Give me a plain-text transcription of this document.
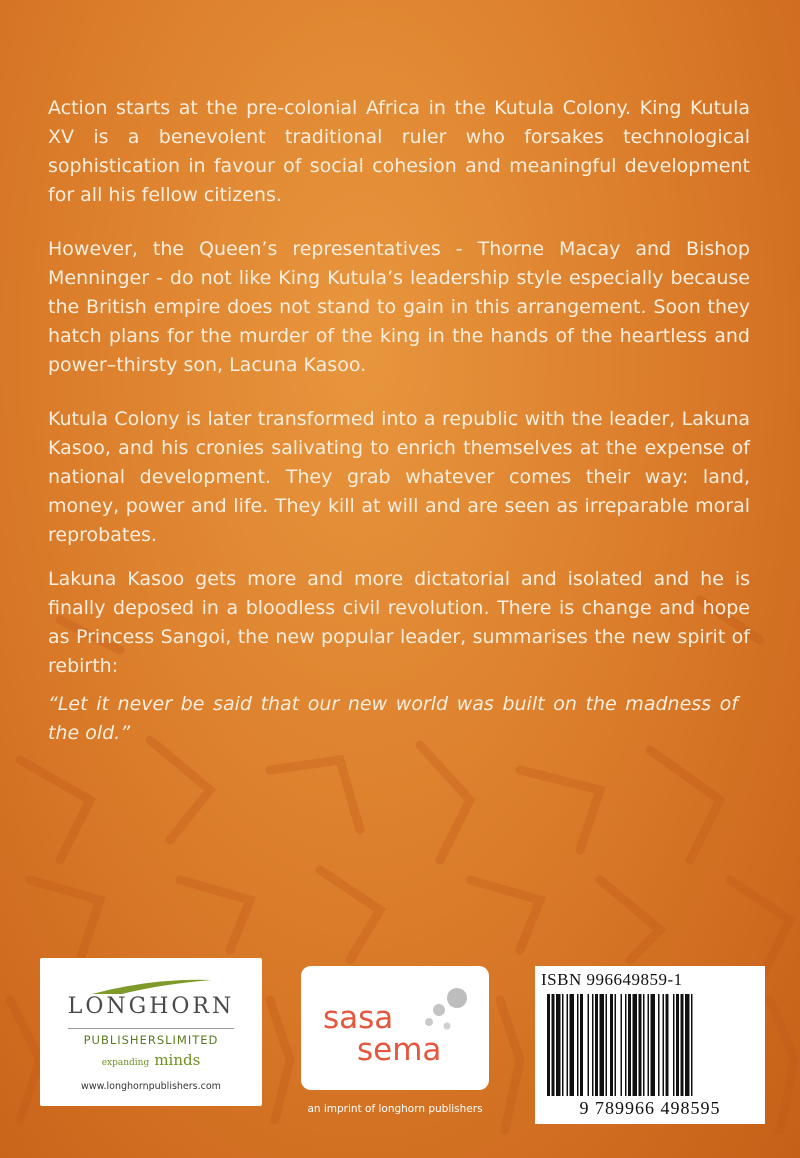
Action starts at the pre-colonial Africa in the Kutula Colony. King Kutula XV is a benevolent traditional ruler who forsakes technological sophistication in favour of social cohesion and meaningful development for all his fellow citizens.

However, the Queen’s representatives - Thorne Macay and Bishop Menninger - do not like King Kutula’s leadership style especially because the British empire does not stand to gain in this arrangement. Soon they hatch plans for the murder of the king in the hands of the heartless and power–thirsty son, Lacuna Kasoo.

Kutula Colony is later transformed into a republic with the leader, Lakuna Kasoo, and his cronies salivating to enrich themselves at the expense of national development. They grab whatever comes their way: land, money, power and life. They kill at will and are seen as irreparable moral reprobates.

Lakuna Kasoo gets more and more dictatorial and isolated and he is finally deposed in a bloodless civil revolution. There is change and hope as Princess Sangoi, the new popular leader, summarises the new spirit of rebirth:

“Let it never be said that our new world was built on the madness of the old.”

LONGHORN
PUBLISHERSLIMITED
expanding minds
www.longhornpublishers.com
sasa
sema
an imprint of longhorn publishers
ISBN 996649859-1
9 789966 498595
